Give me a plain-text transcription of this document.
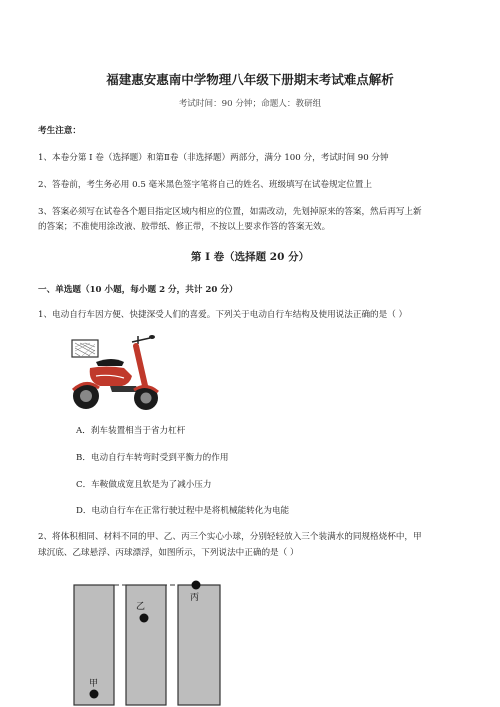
福建惠安惠南中学物理八年级下册期末考试难点解析
考试时间：90 分钟；命题人：教研组
考生注意：
1、本卷分第 I 卷（选择题）和第Ⅱ卷（非选择题）两部分，满分 100 分，考试时间 90 分钟
2、答卷前，考生务必用 0.5 毫米黑色签字笔将自己的姓名、班级填写在试卷规定位置上
3、答案必须写在试卷各个题目指定区域内相应的位置，如需改动，先划掉原来的答案，然后再写上新
的答案；不准使用涂改液、胶带纸、修正带，不按以上要求作答的答案无效。
第 I 卷（选择题 20 分）
一、单选题（10 小题，每小题 2 分，共计 20 分）
1、电动自行车因方便、快捷深受人们的喜爱。下列关于电动自行车结构及使用说法正确的是（ ）
A．刹车装置相当于省力杠杆
B．电动自行车转弯时受到平衡力的作用
C．车鞍做成宽且软是为了减小压力
D．电动自行车在正常行驶过程中是将机械能转化为电能
2、将体积相同、材料不同的甲、乙、丙三个实心小球，分别轻轻放入三个装满水的同规格烧杯中，甲
球沉底、乙球悬浮、丙球漂浮，如图所示，下列说法中正确的是（ ）
甲
乙
丙
